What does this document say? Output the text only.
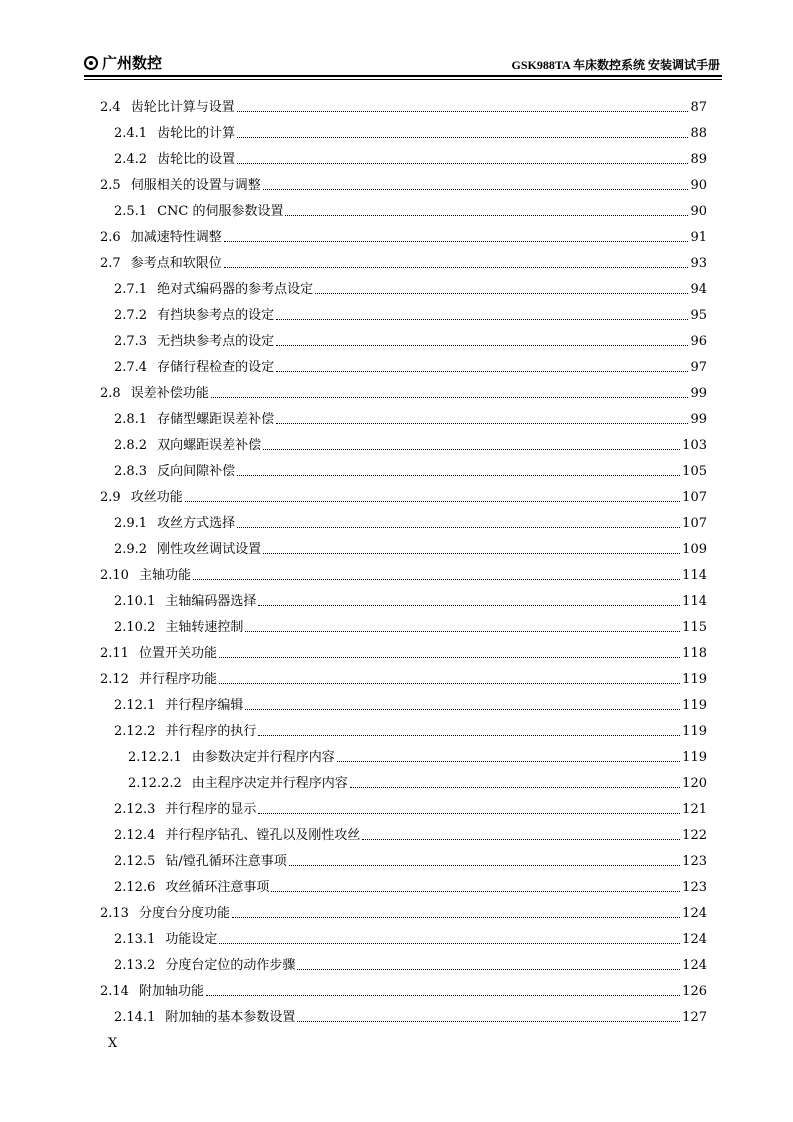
广州数控	GSK988TA 车床数控系统 安装调试手册
2.4 齿轮比计算与设置	87
2.4.1 齿轮比的计算	88
2.4.2 齿轮比的设置	89
2.5 伺服相关的设置与调整	90
2.5.1 CNC 的伺服参数设置	90
2.6 加减速特性调整	91
2.7 参考点和软限位	93
2.7.1 绝对式编码器的参考点设定	94
2.7.2 有挡块参考点的设定	95
2.7.3 无挡块参考点的设定	96
2.7.4 存储行程检查的设定	97
2.8 误差补偿功能	99
2.8.1 存储型螺距误差补偿	99
2.8.2 双向螺距误差补偿	103
2.8.3 反向间隙补偿	105
2.9 攻丝功能	107
2.9.1 攻丝方式选择	107
2.9.2 刚性攻丝调试设置	109
2.10 主轴功能	114
2.10.1 主轴编码器选择	114
2.10.2 主轴转速控制	115
2.11 位置开关功能	118
2.12 并行程序功能	119
2.12.1 并行程序编辑	119
2.12.2 并行程序的执行	119
2.12.2.1 由参数决定并行程序内容	119
2.12.2.2 由主程序决定并行程序内容	120
2.12.3 并行程序的显示	121
2.12.4 并行程序钻孔、镗孔以及刚性攻丝	122
2.12.5 钻/镗孔循环注意事项	123
2.12.6 攻丝循环注意事项	123
2.13 分度台分度功能	124
2.13.1 功能设定	124
2.13.2 分度台定位的动作步骤	124
2.14 附加轴功能	126
2.14.1 附加轴的基本参数设置	127
X
